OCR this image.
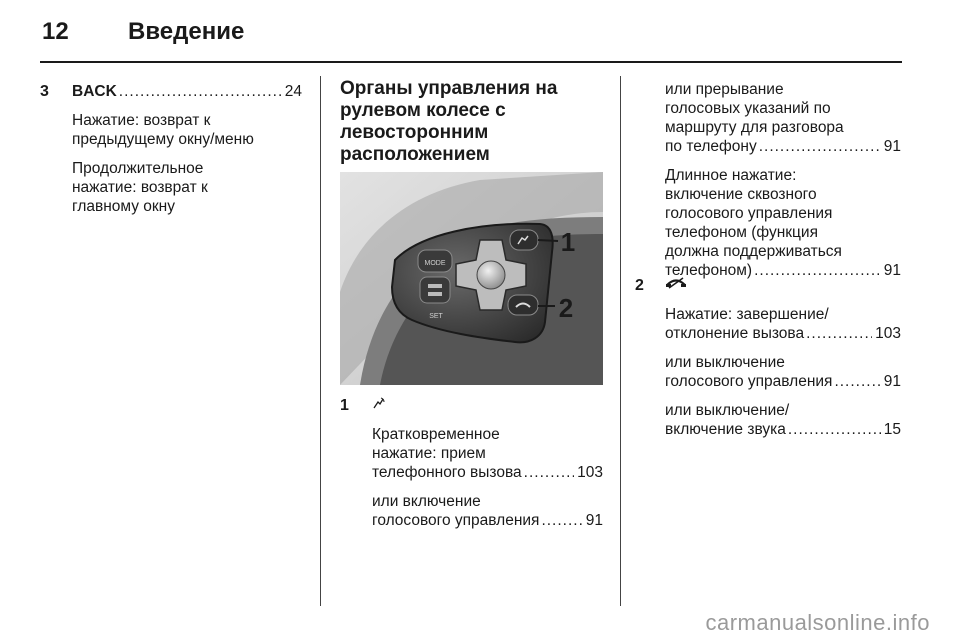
12 Введение
3 BACK .....	24
Нажатие: возврат к
предыдущему окну/меню
Продолжительное
нажатие: возврат к
главному окну
Органы управления на
рулевом колесе с
левосторонним
расположением
MODE
SET
1
2
1
Кратковременное
нажатие: прием
телефонного вызова .....	103
или включение
голосового управления .....	91
или прерывание
голосовых указаний по
маршруту для разговора
по телефону .....	91
Длинное нажатие:
включение сквозного
голосового управления
телефоном (функция
должна поддерживаться
телефоном) .....	91
2
Нажатие: завершение/
отклонение вызова .....	103
или выключение
голосового управления .....	91
или выключение/
включение звука .....	15
carmanualsonline.info
